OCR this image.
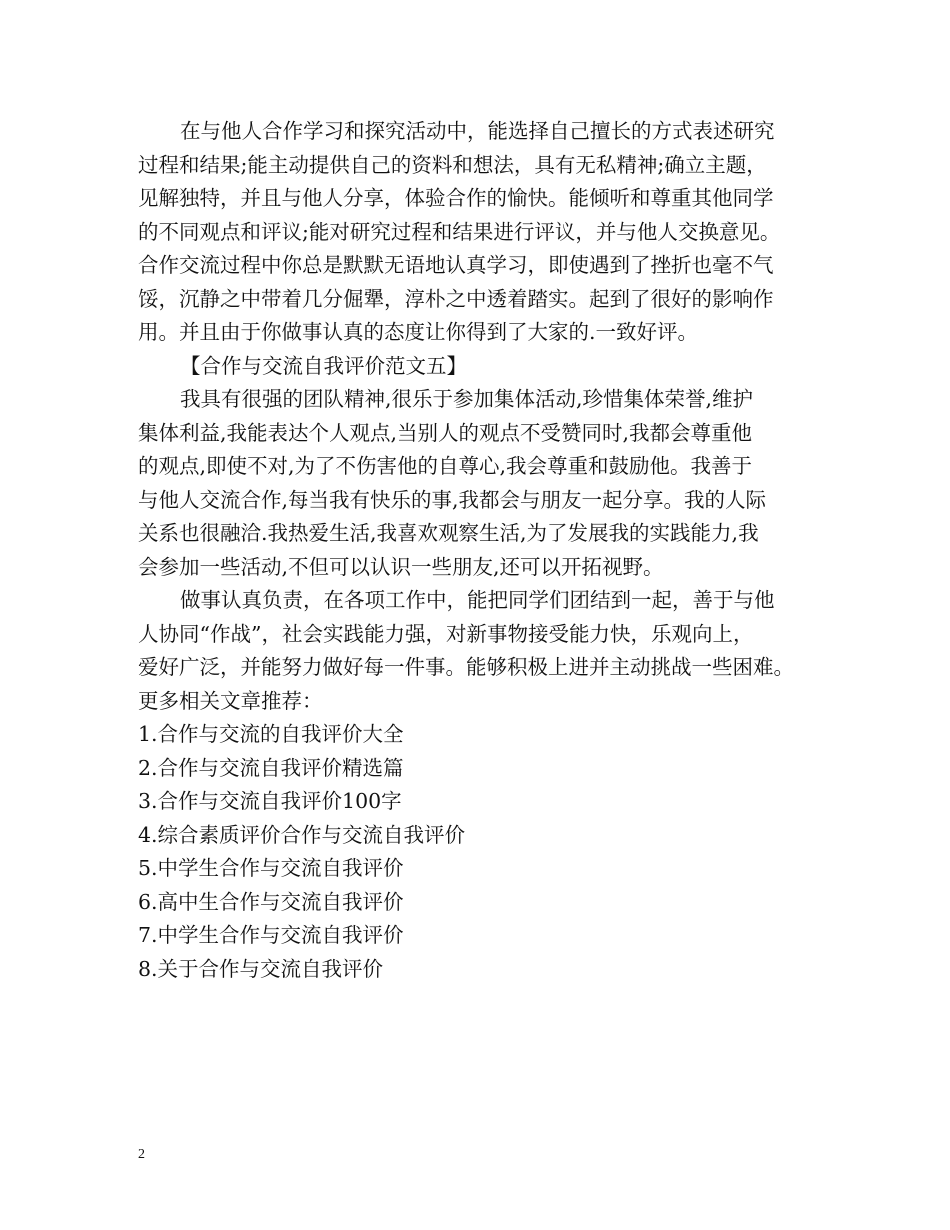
在与他人合作学习和探究活动中，能选择自己擅长的方式表述研究
过程和结果;能主动提供自己的资料和想法，具有无私精神;确立主题，
见解独特，并且与他人分享，体验合作的愉快。能倾听和尊重其他同学
的不同观点和评议;能对研究过程和结果进行评议，并与他人交换意见。
合作交流过程中你总是默默无语地认真学习，即使遇到了挫折也毫不气
馁，沉静之中带着几分倔犟，淳朴之中透着踏实。起到了很好的影响作
用。并且由于你做事认真的态度让你得到了大家的.一致好评。
【合作与交流自我评价范文五】
我具有很强的团队精神,很乐于参加集体活动,珍惜集体荣誉,维护
集体利益,我能表达个人观点,当别人的观点不受赞同时,我都会尊重他
的观点,即使不对,为了不伤害他的自尊心,我会尊重和鼓励他。我善于
与他人交流合作,每当我有快乐的事,我都会与朋友一起分享。我的人际
关系也很融洽.我热爱生活,我喜欢观察生活,为了发展我的实践能力,我
会参加一些活动,不但可以认识一些朋友,还可以开拓视野。
做事认真负责，在各项工作中，能把同学们团结到一起，善于与他
人协同“作战”，社会实践能力强，对新事物接受能力快，乐观向上，
爱好广泛，并能努力做好每一件事。能够积极上进并主动挑战一些困难。
更多相关文章推荐：
1.合作与交流的自我评价大全
2.合作与交流自我评价精选篇
3.合作与交流自我评价100字
4.综合素质评价合作与交流自我评价
5.中学生合作与交流自我评价
6.高中生合作与交流自我评价
7.中学生合作与交流自我评价
8.关于合作与交流自我评价
2
